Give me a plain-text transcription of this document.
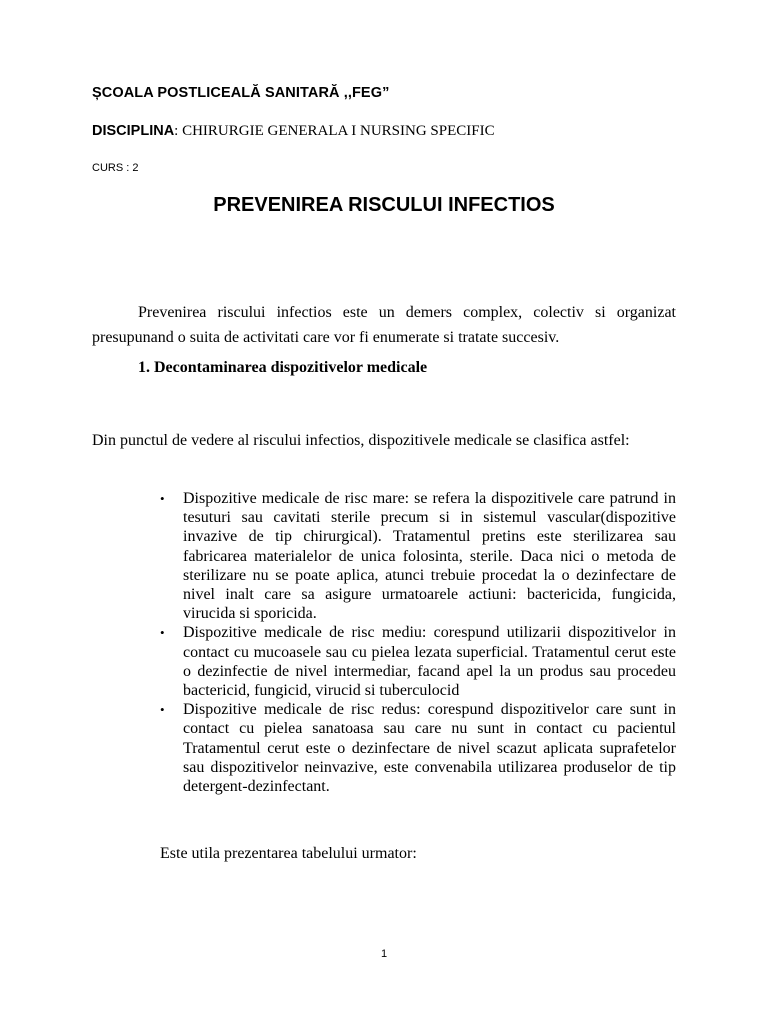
ȘCOALA POSTLICEALĂ SANITARĂ ,,FEG”
DISCIPLINA: CHIRURGIE GENERALA I NURSING SPECIFIC
CURS : 2
PREVENIREA RISCULUI INFECTIOS

Prevenirea riscului infectios este un demers complex, colectiv si organizat presupunand o suita de activitati care vor fi enumerate si tratate succesiv.

1. Decontaminarea dispozitivelor medicale

Din punctul de vedere al riscului infectios, dispozitivele medicale se clasifica astfel:

•	Dispozitive medicale de risc mare: se refera la dispozitivele care patrund in tesuturi sau cavitati sterile precum si in sistemul vascular(dispozitive invazive de tip chirurgical). Tratamentul pretins este sterilizarea sau fabricarea materialelor de unica folosinta, sterile. Daca nici o metoda de sterilizare nu se poate aplica, atunci trebuie procedat la o dezinfectare de nivel inalt care sa asigure urmatoarele actiuni: bactericida, fungicida, virucida si sporicida.
•	Dispozitive medicale de risc mediu: corespund utilizarii dispozitivelor in contact cu mucoasele sau cu pielea lezata superficial. Tratamentul cerut este o dezinfectie de nivel intermediar, facand apel la un produs sau procedeu bactericid, fungicid, virucid si tuberculocid
•	Dispozitive medicale de risc redus: corespund dispozitivelor care sunt in contact cu pielea sanatoasa sau care nu sunt in contact cu pacientul Tratamentul cerut este o dezinfectare de nivel scazut aplicata suprafetelor sau dispozitivelor neinvazive, este convenabila utilizarea produselor de tip detergent-dezinfectant.
Este utila prezentarea tabelului urmator:
1
